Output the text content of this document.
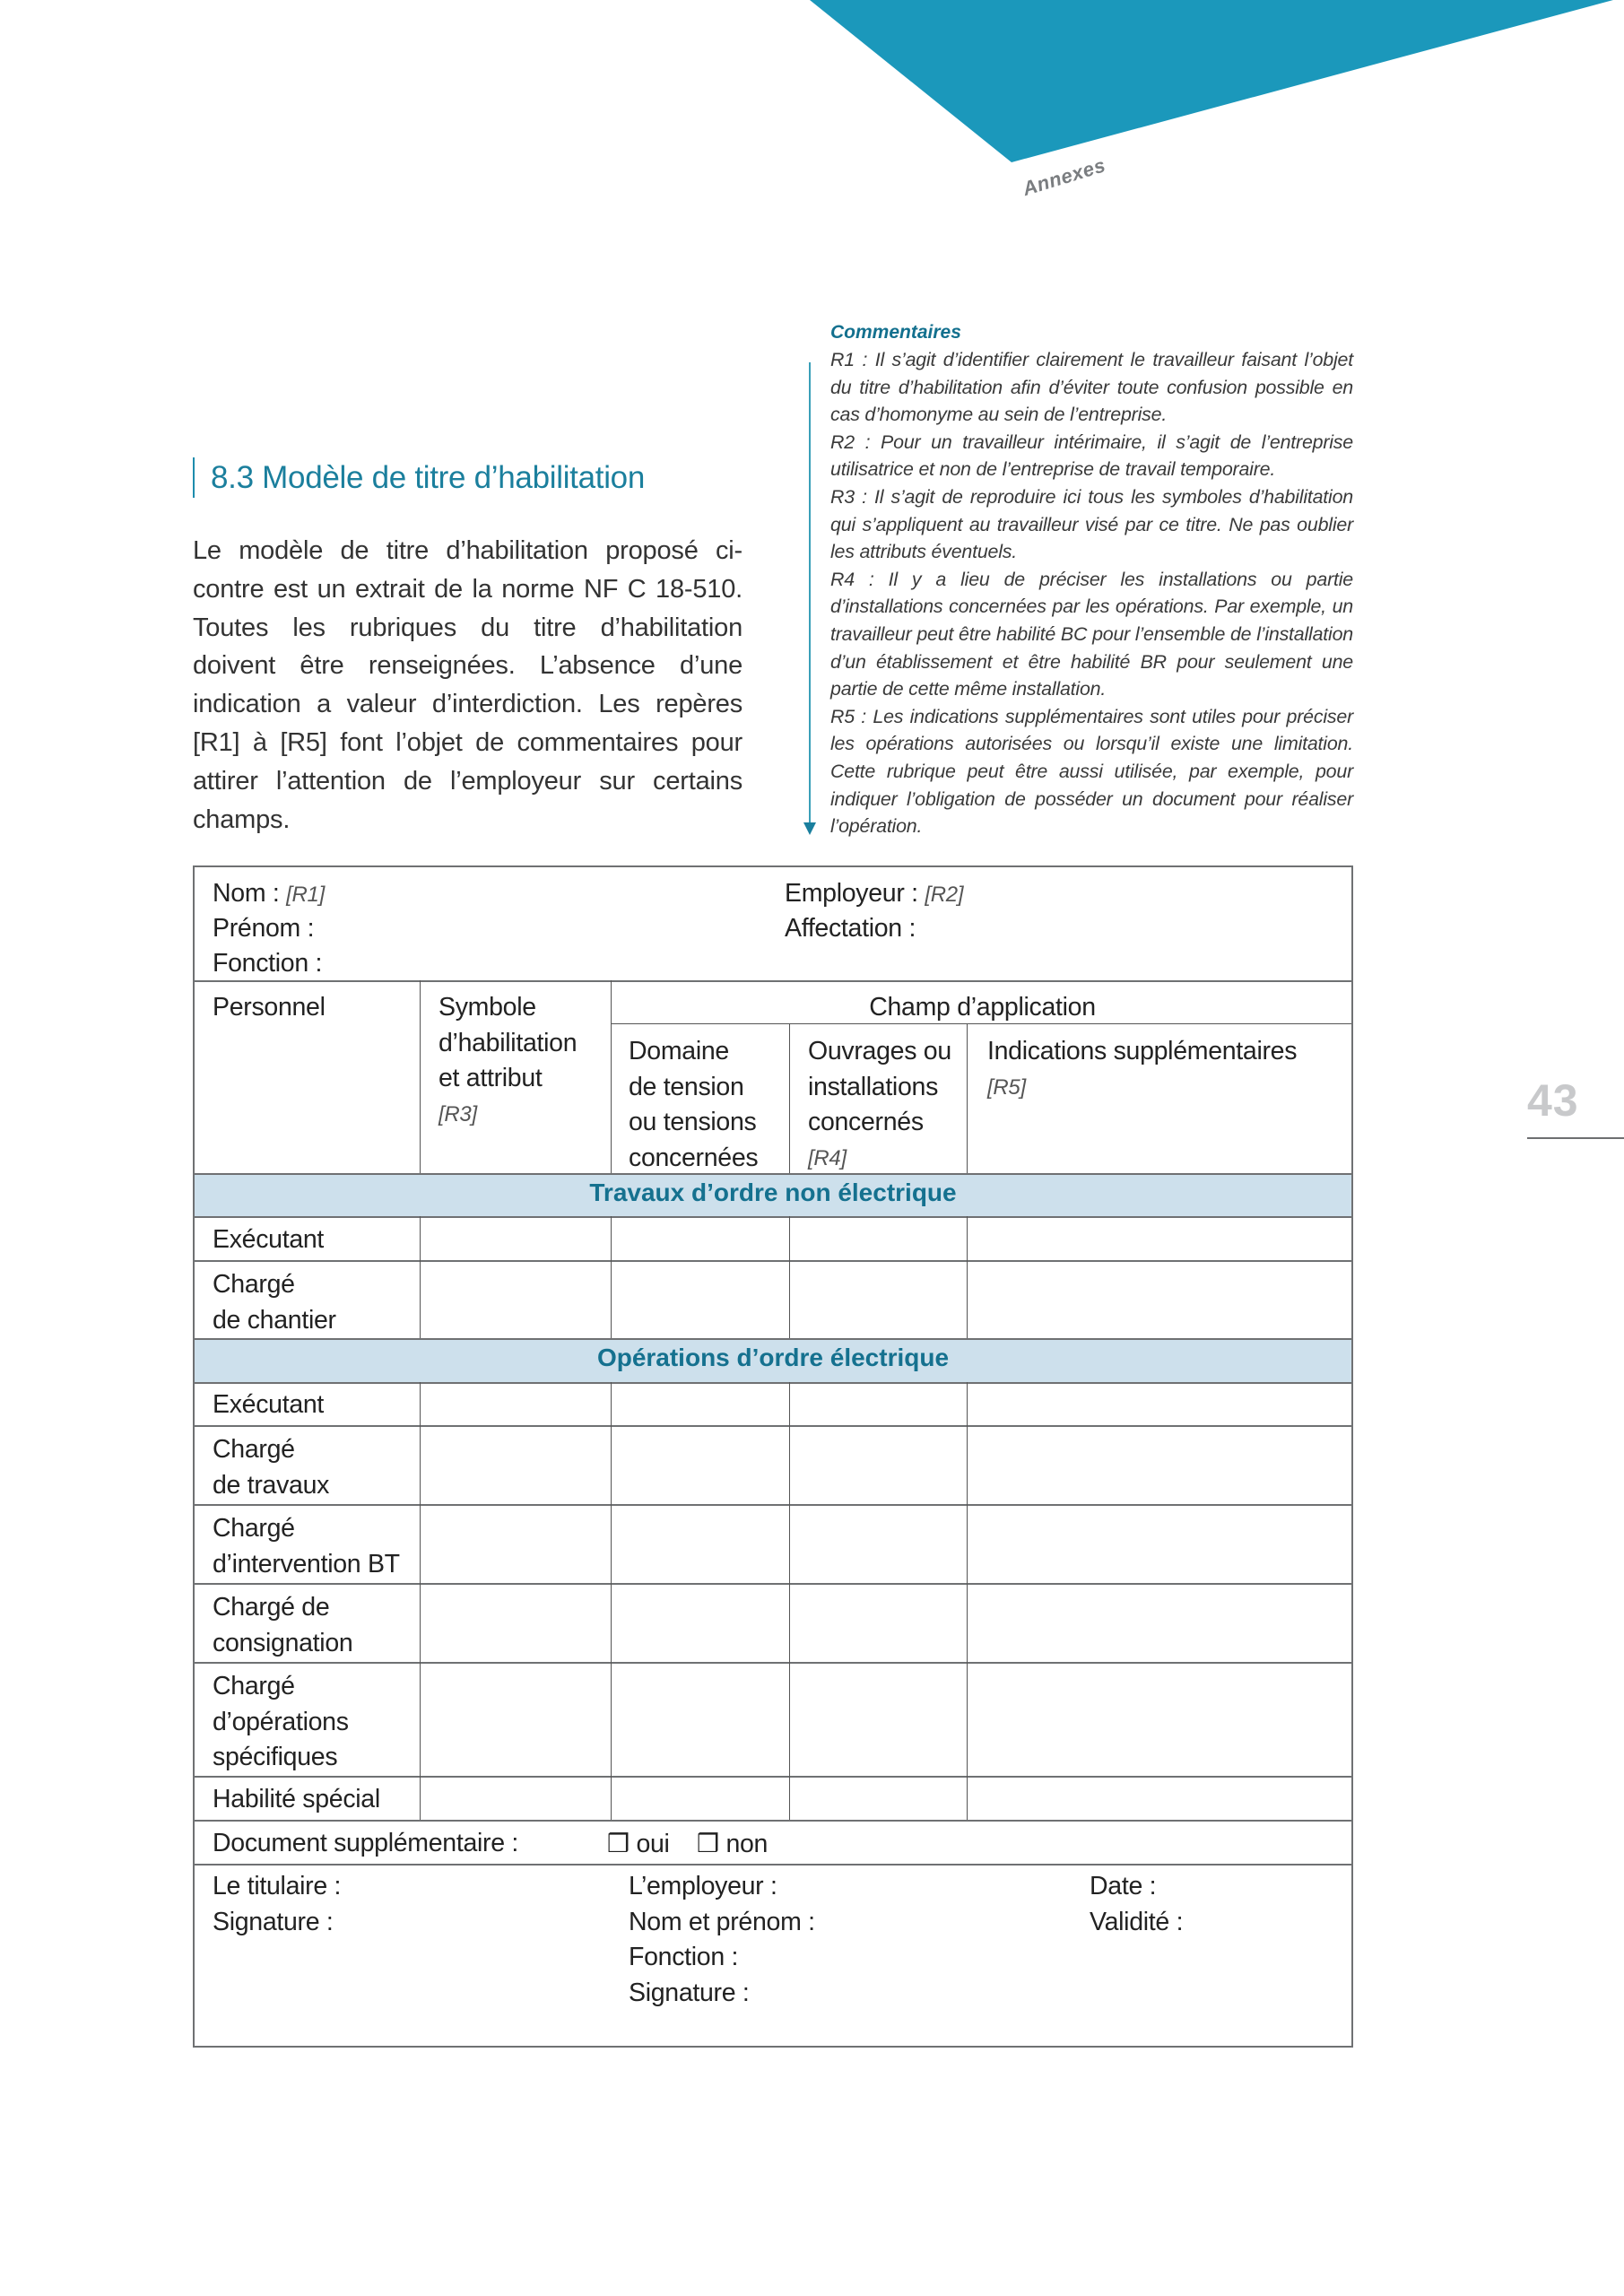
Annexes
8.3 Modèle de titre d’habilitation
Le modèle de titre d’habilitation proposé ci-contre est un extrait de la norme NF C 18-510. Toutes les rubriques du titre d’habilitation doivent être renseignées. L’absence d’une indication a valeur d’interdiction. Les repères [R1] à [R5] font l’objet de commentaires pour attirer l’attention de l’employeur sur certains champs.
Commentaires
R1 : Il s’agit d’identifier clairement le travailleur faisant l’objet du titre d’habilitation afin d’éviter toute confusion possible en cas d’homonyme au sein de l’entreprise.
R2 : Pour un travailleur intérimaire, il s’agit de l’entreprise utilisatrice et non de l’entreprise de travail temporaire.
R3 : Il s’agit de reproduire ici tous les symboles d’habilitation qui s’appliquent au travailleur visé par ce titre. Ne pas oublier les attributs éventuels.
R4 : Il y a lieu de préciser les installations ou partie d’installations concernées par les opérations. Par exemple, un travailleur peut être habilité BC pour l’ensemble de l’installation d’un établissement et être habilité BR pour seulement une partie de cette même installation.
R5 : Les indications supplémentaires sont utiles pour préciser les opérations autorisées ou lorsqu’il existe une limitation. Cette rubrique peut être aussi utilisée, par exemple, pour indiquer l’obligation de posséder un document pour réaliser l’opération.
43
Nom : [R1]
Prénom :
Fonction :
Employeur : [R2]
Affectation :
Personnel	Symbole
d’habilitation
et attribut
[R3]
Champ d’application
Domaine
de tension
ou tensions
concernées
Ouvrages ou
installations
concernés
[R4]
Indications supplémentaires
[R5]
Travaux d’ordre non électrique
Exécutant
Chargé
de chantier
Opérations d’ordre électrique
Exécutant
Chargé
de travaux
Chargé
d’intervention BT
Chargé de
consignation
Chargé
d’opérations
spécifiques
Habilité spécial
Document supplémentaire :	❒ oui ❒ non
Le titulaire :
Signature :
L’employeur :
Nom et prénom :
Fonction :
Signature :
Date :
Validité :
